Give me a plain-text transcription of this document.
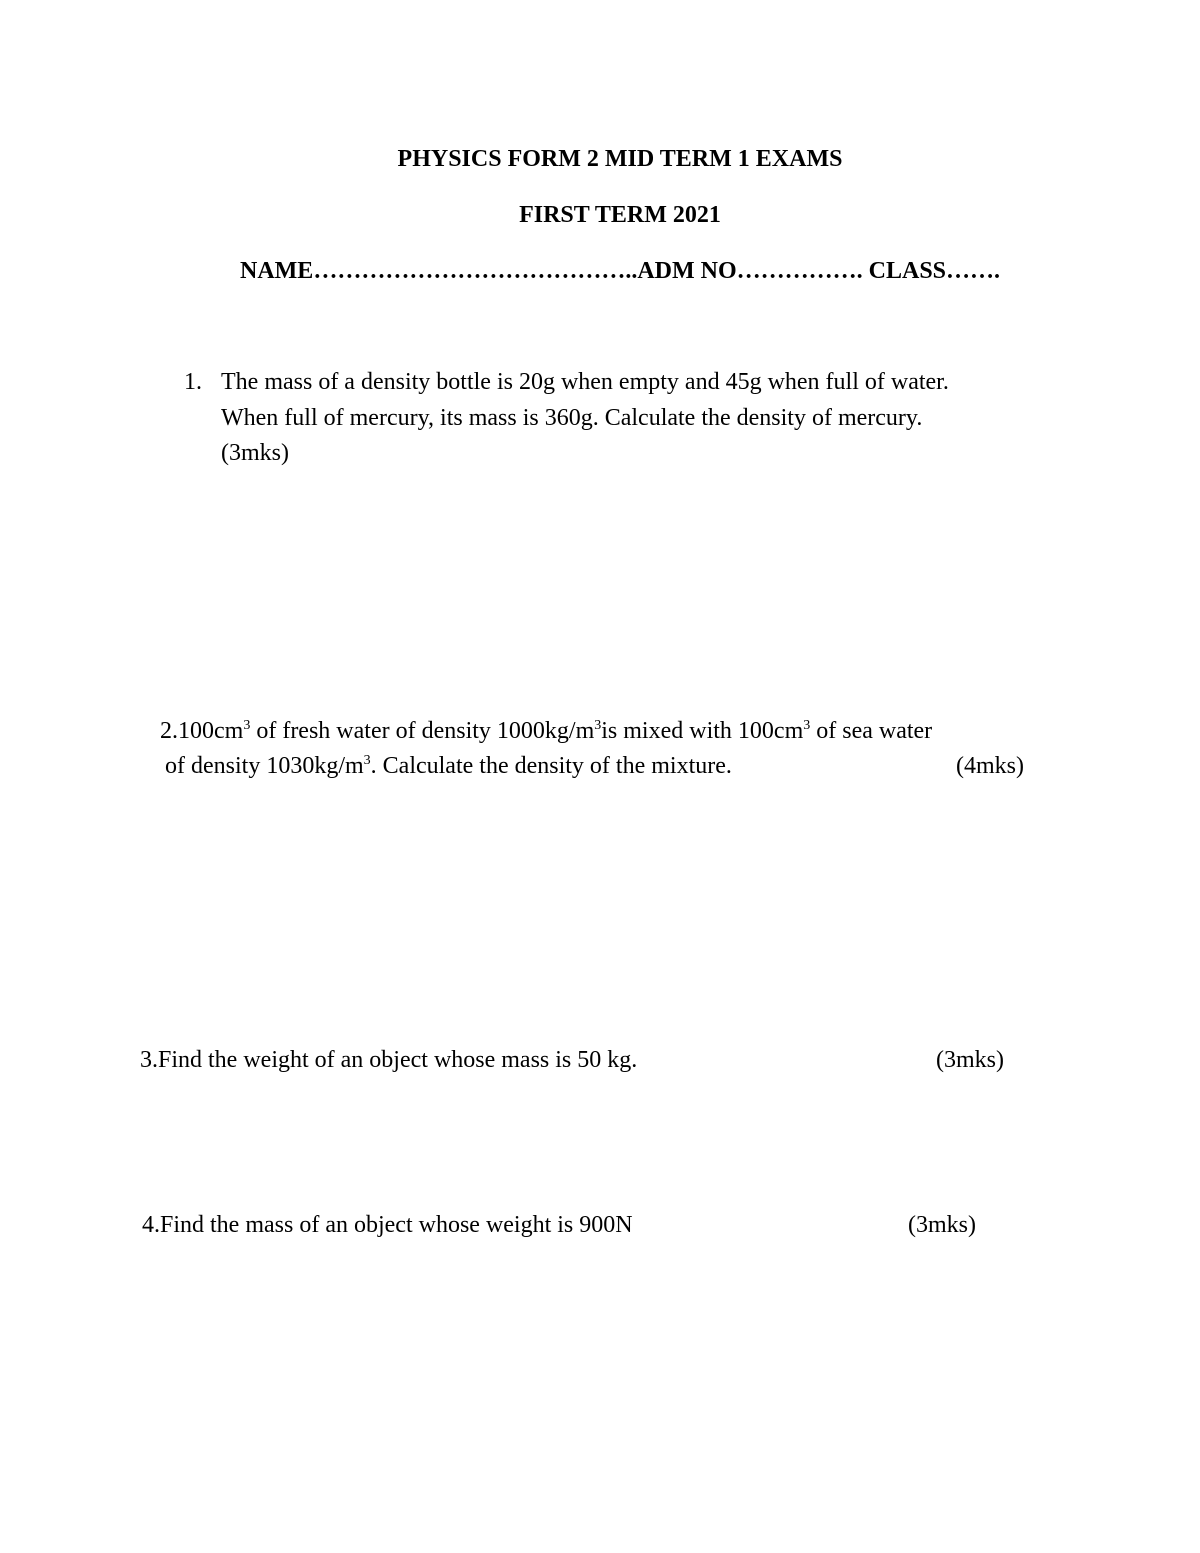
PHYSICS FORM 2 MID TERM 1 EXAMS
FIRST TERM 2021
NAME…………………………………..ADM NO……………. CLASS…….
1. The mass of a density bottle is 20g when empty and 45g when full of water.
When full of mercury, its mass is 360g. Calculate the density of mercury.
(3mks)
$2.100cm^3$ of fresh water of density $1000kg/m^3is$ mixed with $100cm^3$ of sea water
of density $1030kg/m^3$. Calculate the density of the mixture.	(4mks)
3.Find the weight of an object whose mass is 50 kg.	(3mks)
4.Find the mass of an object whose weight is 900N	(3mks)
